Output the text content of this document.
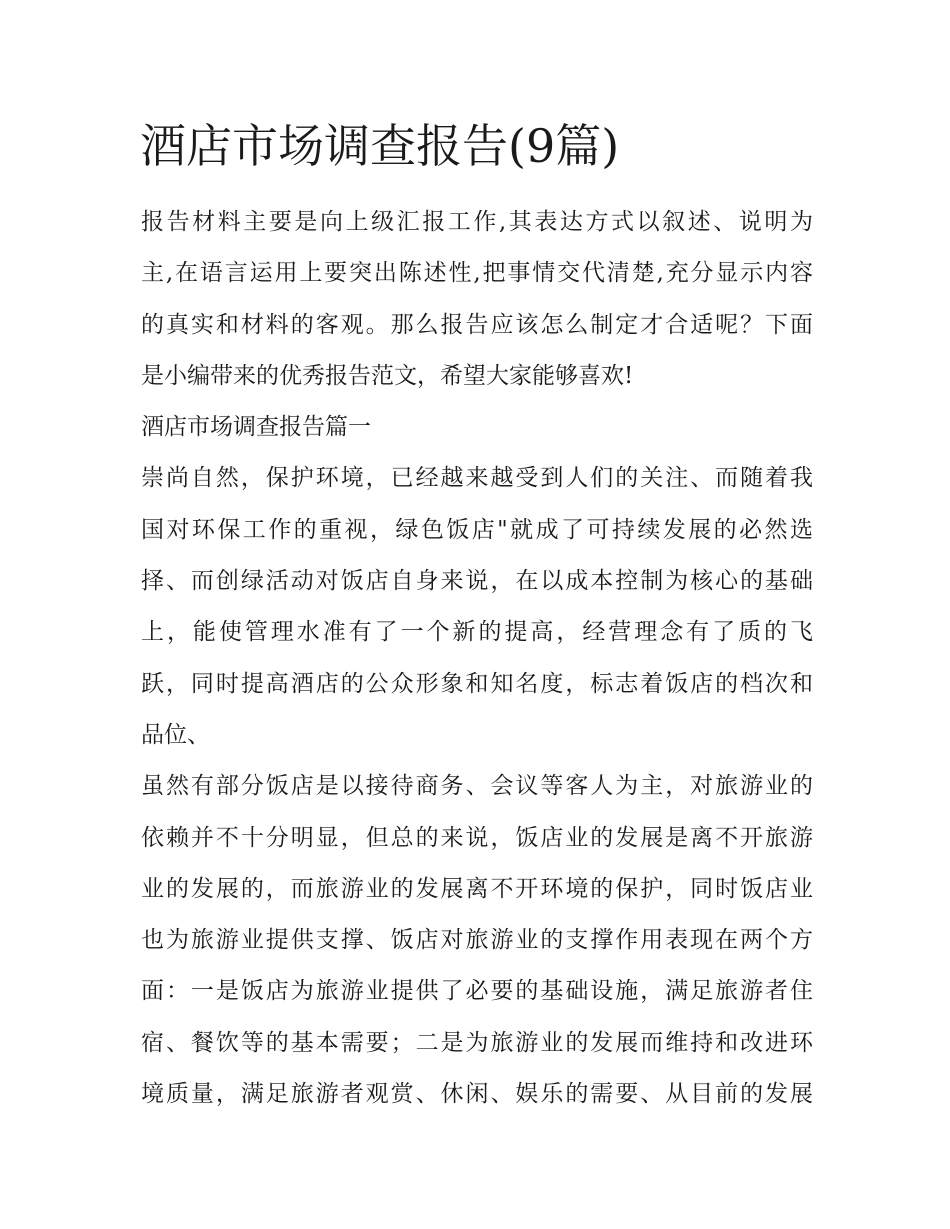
酒店市场调查报告(9篇)
报告材料主要是向上级汇报工作,其表达方式以叙述、说明为
主,在语言运用上要突出陈述性,把事情交代清楚,充分显示内容
的真实和材料的客观。那么报告应该怎么制定才合适呢？下面
是小编带来的优秀报告范文，希望大家能够喜欢!
酒店市场调查报告篇一
崇尚自然，保护环境，已经越来越受到人们的关注、而随着我
国对环保工作的重视，绿色饭店"就成了可持续发展的必然选
择、而创绿活动对饭店自身来说，在以成本控制为核心的基础
上，能使管理水准有了一个新的提高，经营理念有了质的飞
跃，同时提高酒店的公众形象和知名度，标志着饭店的档次和
品位、
虽然有部分饭店是以接待商务、会议等客人为主，对旅游业的
依赖并不十分明显，但总的来说，饭店业的发展是离不开旅游
业的发展的，而旅游业的发展离不开环境的保护，同时饭店业
也为旅游业提供支撑、饭店对旅游业的支撑作用表现在两个方
面：一是饭店为旅游业提供了必要的基础设施，满足旅游者住
宿、餐饮等的基本需要；二是为旅游业的发展而维持和改进环
境质量，满足旅游者观赏、休闲、娱乐的需要、从目前的发展
